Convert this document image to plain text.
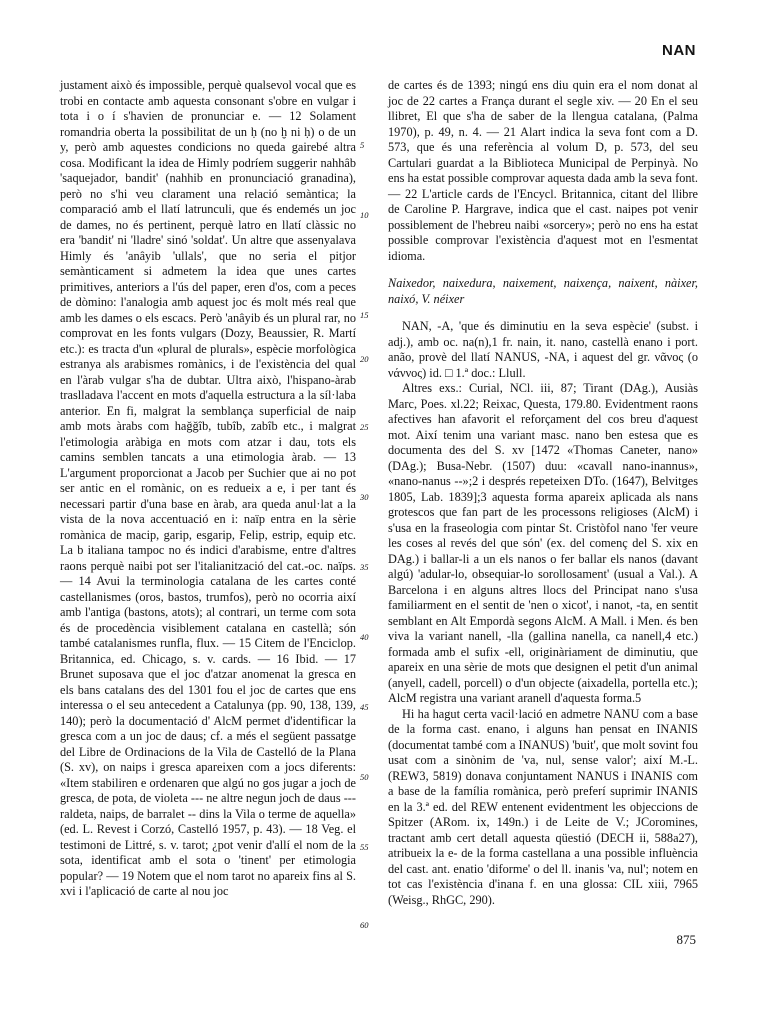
NAN

justament això és impossible, perquè qualsevol vocal que es trobi en contacte amb aquesta consonant s'obre en vulgar i tota i o í s'havien de pronunciar e. — 12 Solament romandria oberta la possibilitat de un ḥ (no ḫ ni ḥ) o de un y, però amb aquestes condicions no queda gairebé altra cosa. Modificant la idea de Himly podríem suggerir nahhâb 'saquejador, bandit' (nahhib en pronunciació granadina), però no s'hi veu clarament una relació semàntica; la comparació amb el llatí latrunculi, que és endemés un joc de dames, no és pertinent, perquè latro en llatí clàssic no era 'bandit' ni 'lladre' sinó 'soldat'. Un altre que assenyalava Himly és 'anâyib 'ullals', que no seria el pitjor semànticament si admetem la idea que unes cartes primitives, anteriors a l'ús del paper, eren d'os, com a peces de dòmino: l'analogia amb aquest joc és molt més real que amb les dames o els escacs. Però 'anâyib és un plural rar, no comprovat en les fonts vulgars (Dozy, Beaussier, R. Martí etc.): es tracta d'un «plural de plurals», espècie morfològica estranya als arabismes romànics, i de l'existència del qual en l'àrab vulgar s'ha de dubtar. Ultra això, l'hispano-àrab traslladava l'accent en mots d'aquella estructura a la síl·laba anterior. En fi, malgrat la semblança superficial de naip amb mots àrabs com haǧǧîb, tubîb, zabîb etc., i malgrat l'etimologia aràbiga en mots com atzar i dau, tots els camins semblen tancats a una etimologia àrab. — 13 L'argument proporcionat a Jacob per Suchier que ai no pot ser antic en el romànic, on es redueix a e, i per tant és necessari partir d'una base en àrab, ara queda anul·lat a la vista de la nova accentuació en i: naïp entra en la sèrie romànica de macip, garip, esgarip, Felip, estrip, equip etc. La b italiana tampoc no és indici d'arabisme, entre d'altres raons perquè naibi pot ser l'italianització del cat.-oc. naïps. — 14 Avui la terminologia catalana de les cartes conté castellanismes (oros, bastos, trumfos), però no ocorria així amb l'antiga (bastons, atots); al contrari, un terme com sota és de procedència visiblement catalana en castellà; són també catalanismes runfla, flux. — 15 Citem de l'Enciclop. Britannica, ed. Chicago, s. v. cards. — 16 Ibid. — 17 Brunet suposava que el joc d'atzar anomenat la gresca en els bans catalans des del 1301 fou el joc de cartes que ens interessa o el seu antecedent a Catalunya (pp. 90, 138, 139, 140); però la documentació d' AlcM permet d'identificar la gresca com a un joc de daus; cf. a més el següent passatge del Libre de Ordinacions de la Vila de Castelló de la Plana (S. xv), on naips i gresca apareixen com a jocs diferents: «Item stabiliren e ordenaren que algú no gos jugar a joch de gresca, de pota, de violeta --- ne altre negun joch de daus --- raldeta, naips, de barralet -- dins la Vila o terme de aquella» (ed. L. Revest i Corzó, Castelló 1957, p. 43). — 18 Veg. el testimoni de Littré, s. v. tarot; ¿pot venir d'allí el nom de la sota, identificat amb el sota o 'tinent' per etimologia popular? — 19 Notem que el nom tarot no apareix fins al S. xvi i l'aplicació de carte al nou joc

5
10
15
20
25
30
35
40
45
50
55
60

de cartes és de 1393; ningú ens diu quin era el nom donat al joc de 22 cartes a França durant el segle xiv. — 20 En el seu llibret, El que s'ha de saber de la llengua catalana, (Palma 1970), p. 49, n. 4. — 21 Alart indica la seva font com a D. 573, que és una referència al volum D, p. 573, del seu Cartulari guardat a la Biblioteca Municipal de Perpinyà. No ens ha estat possible comprovar aquesta dada amb la seva font. — 22 L'article cards de l'Encycl. Britannica, citant del llibre de Caroline P. Hargrave, indica que el cast. naipes pot venir possiblement de l'hebreu naibi «sorcery»; però no ens ha estat possible comprovar l'existència d'aquest mot en l'esmentat idioma.

Naixedor, naixedura, naixement, naixença, naixent, nàixer, naixó, V. néixer

NAN, -A, 'que és diminutiu en la seva espècie' (subst. i adj.), amb oc. na(n),1 fr. nain, it. nano, castellà enano i port. anão, provè del llatí NANUS, -NA, i aquest del gr. νᾶνος (o νάννος) id. □ 1.ª doc.: Llull.

Altres exs.: Curial, NCl. iii, 87; Tirant (DAg.), Ausiàs Marc, Poes. xl.22; Reixac, Questa, 179.80. Evidentment raons afectives han afavorit el reforçament del cos breu d'aquest mot. Així tenim una variant masc. nano ben estesa que es documenta des del S. xv [1472 «Thomas Caneter, nano» (DAg.); Busa-Nebr. (1507) duu: «cavall nano-inannus», «nano-nanus --»;2 i després repeteixen DTo. (1647), Belvitges 1805, Lab. 1839];3 aquesta forma apareix aplicada als nans grotescos que fan part de les processons religioses (AlcM) i s'usa en la fraseologia com pintar St. Cristòfol nano 'fer veure les coses al revés del que són' (ex. del començ del S. xix en DAg.) i ballar-li a un els nanos o fer ballar els nanos (davant algú) 'adular-lo, obsequiar-lo sorollosament' (usual a Val.). A Barcelona i en alguns altres llocs del Principat nano s'usa familiarment en el sentit de 'nen o xicot', i nanot, -ta, en sentit semblant en Alt Empordà segons AlcM. A Mall. i Men. és ben viva la variant nanell, -lla (gallina nanella, ca nanell,4 etc.) formada amb el sufix -ell, originàriament de diminutiu, que apareix en una sèrie de mots que designen el petit d'un animal (anyell, cadell, porcell) o d'un objecte (aixadella, portella etc.); AlcM registra una variant aranell d'aquesta forma.5

Hi ha hagut certa vacil·lació en admetre NANU com a base de la forma cast. enano, i alguns han pensat en INANIS (documentat també com a INANUS) 'buit', que molt sovint fou usat com a sinònim de 'va, nul, sense valor'; així M.-L. (REW3, 5819) donava conjuntament NANUS i INANIS com a base de la família romànica, però preferí suprimir INANIS en la 3.ª ed. del REW entenent evidentment les objeccions de Spitzer (ARom. ix, 149n.) i de Leite de V.; JCoromines, tractant amb cert detall aquesta qüestió (DECH ii, 588a27), atribueix la e- de la forma castellana a una possible influència del cast. ant. enatio 'diforme' o del ll. inanis 'va, nul'; notem en tot cas l'existència d'inana f. en una glossa: CIL xiii, 7965 (Weisg., RhGC, 290).

875
